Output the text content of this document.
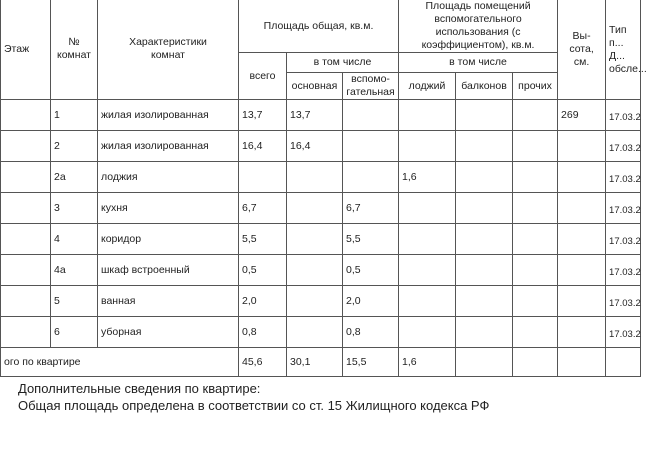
Этаж	№ комнат	Характеристики комнат	Площадь общая, кв.м.			Площадь помещений вспомогательного использования (с коэффициентом), кв.м.			Вы-сота, см.	Тип п... Д... обсле...
			всего	в том числе		в том числе				
				основная	вспомо-гательная	лоджий	балконов	прочих		
	1	жилая изолированная	13,7	13,7					269	17.03.2
	2	жилая изолированная	16,4	16,4						17.03.2
	2а	лоджия				1,6				17.03.2
	3	кухня	6,7		6,7					17.03.2
	4	коридор	5,5		5,5					17.03.2
	4а	шкаф встроенный	0,5		0,5					17.03.2
	5	ванная	2,0		2,0					17.03.2
	6	уборная	0,8		0,8					17.03.2
ого по квартире			45,6	30,1	15,5	1,6				
Дополнительные сведения по квартире:
Общая площадь определена в соответствии со ст. 15 Жилищного кодекса РФ
